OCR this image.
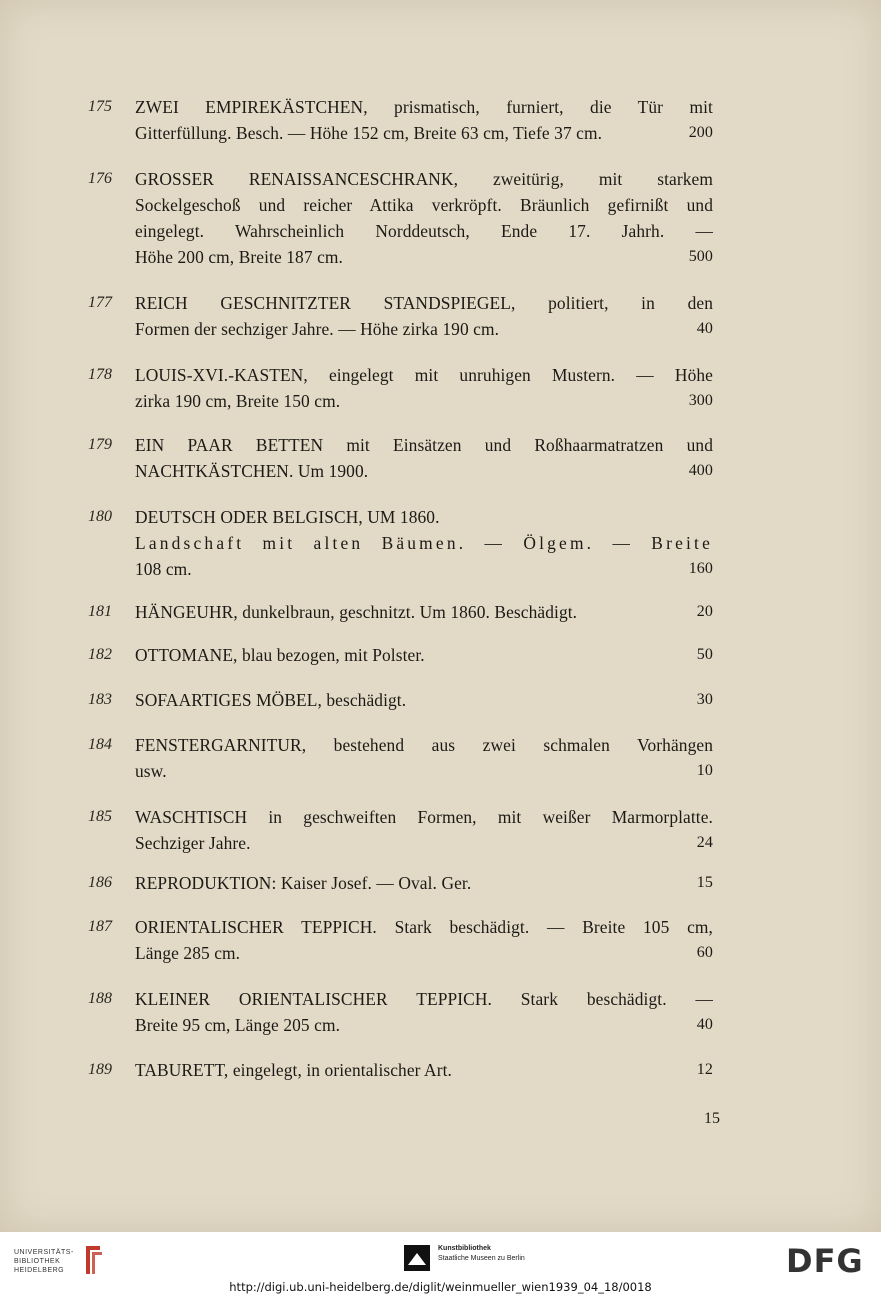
175	ZWEI EMPIREKÄSTCHEN, prismatisch, furniert, die Tür mit
Gitterfüllung. Besch. — Höhe 152 cm, Breite 63 cm, Tiefe 37 cm.	200
176	GROSSER RENAISSANCESCHRANK, zweitürig, mit starkem
Sockelgeschoß und reicher Attika verkröpft. Bräunlich gefirnißt und
eingelegt. Wahrscheinlich Norddeutsch, Ende 17. Jahrh. —
Höhe 200 cm, Breite 187 cm.	500
177	REICH GESCHNITZTER STANDSPIEGEL, politiert, in den
Formen der sechziger Jahre. — Höhe zirka 190 cm.	40
178	LOUIS-XVI.-KASTEN, eingelegt mit unruhigen Mustern. — Höhe
zirka 190 cm, Breite 150 cm.	300
179	EIN PAAR BETTEN mit Einsätzen und Roßhaarmatratzen und
NACHTKÄSTCHEN. Um 1900.	400
180	DEUTSCH ODER BELGISCH, UM 1860.
Landschaft mit alten Bäumen. — Ölgem. — Breite
108 cm.	160
181	HÄNGEUHR, dunkelbraun, geschnitzt. Um 1860. Beschädigt.	20
182	OTTOMANE, blau bezogen, mit Polster.	50
183	SOFAARTIGES MÖBEL, beschädigt.	30
184	FENSTERGARNITUR, bestehend aus zwei schmalen Vorhängen
usw.	10
185	WASCHTISCH in geschweiften Formen, mit weißer Marmorplatte.
Sechziger Jahre.	24
186	REPRODUKTION: Kaiser Josef. — Oval. Ger.	15
187	ORIENTALISCHER TEPPICH. Stark beschädigt. — Breite 105 cm,
Länge 285 cm.	60
188	KLEINER ORIENTALISCHER TEPPICH. Stark beschädigt. —
Breite 95 cm, Länge 205 cm.	40
189	TABURETT, eingelegt, in orientalischer Art.	12
15
UNIVERSITÄTS-
BIBLIOTHEK
HEIDELBERG
Kunstbibliothek
Staatliche Museen zu Berlin	DFG
http://digi.ub.uni-heidelberg.de/diglit/weinmueller_wien1939_04_18/0018
